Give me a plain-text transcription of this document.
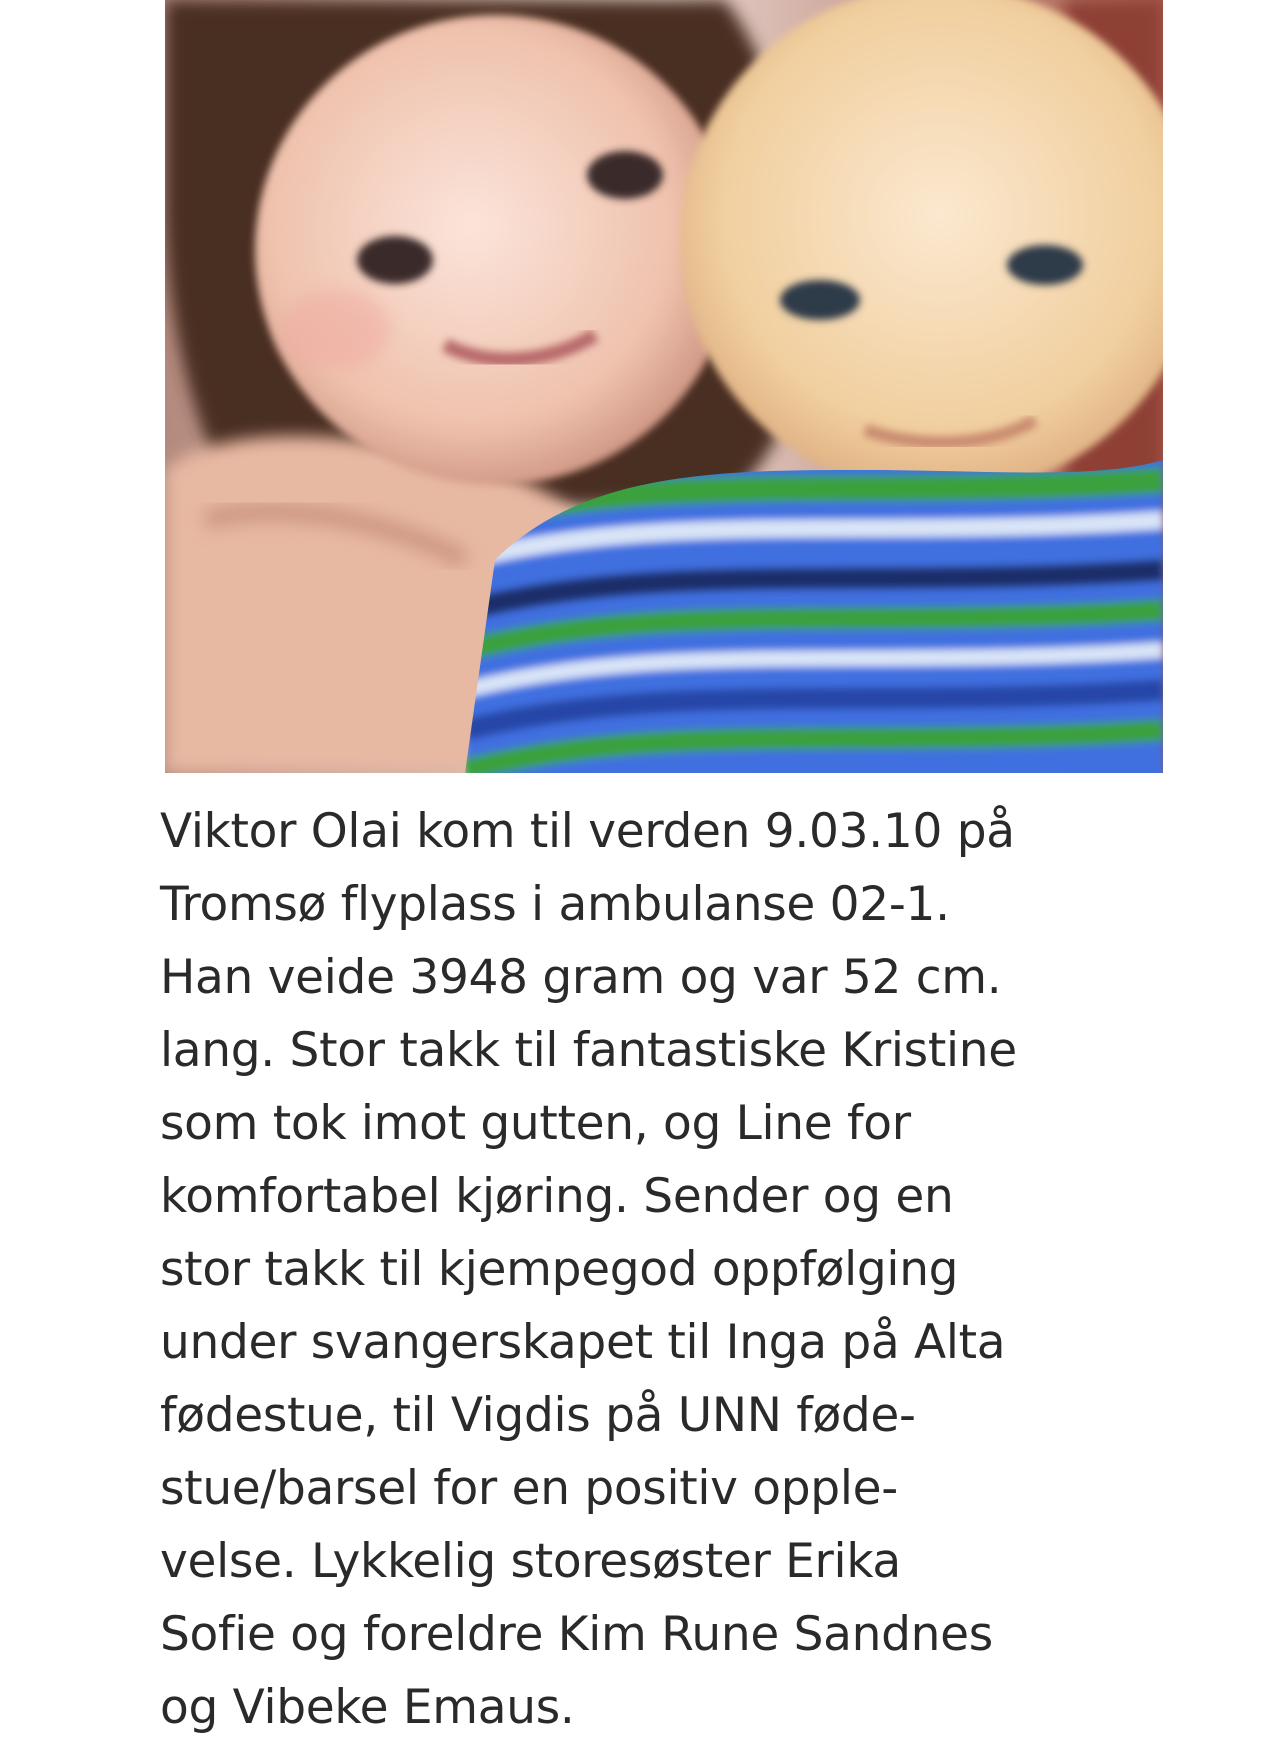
Viktor Olai kom til verden 9.03.10 på
Tromsø flyplass i ambulanse 02-1.
Han veide 3948 gram og var 52 cm.
lang. Stor takk til fantastiske Kristine
som tok imot gutten, og Line for
komfortabel kjøring. Sender og en
stor takk til kjempegod oppfølging
under svangerskapet til Inga på Alta
fødestue, til Vigdis på UNN føde-
stue/barsel for en positiv opple-
velse. Lykkelig storesøster Erika
Sofie og foreldre Kim Rune Sandnes
og Vibeke Emaus.
